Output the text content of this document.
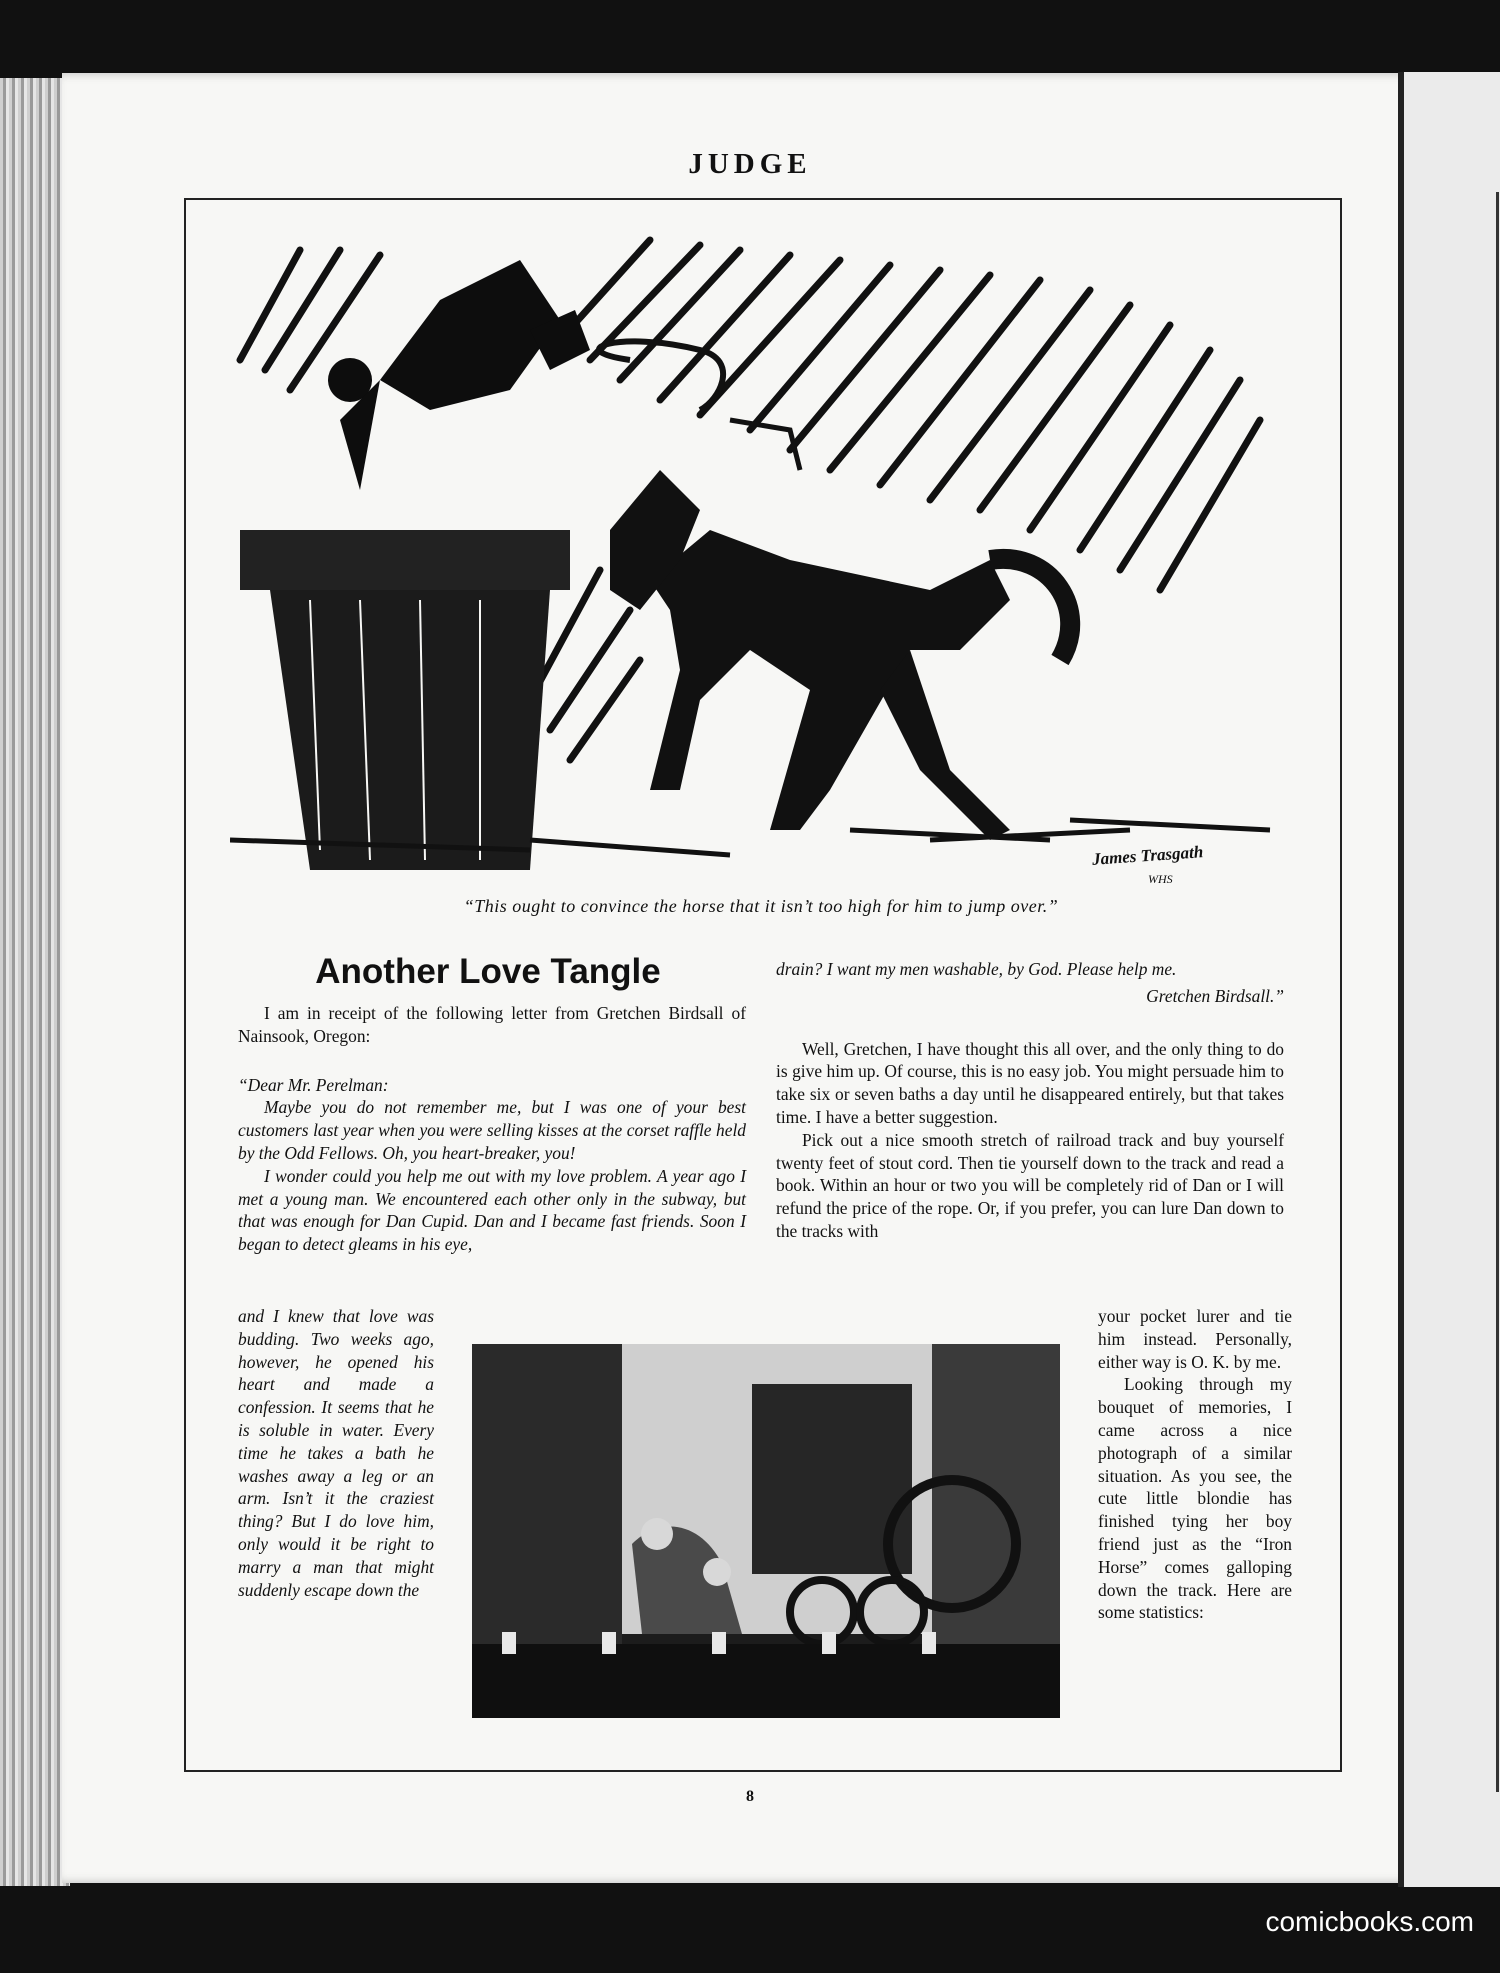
JUDGE
James Trasgath
WHS
“This ought to convince the horse that it isn’t too high for him to jump over.”
Another Love Tangle

I am in receipt of the following letter from Gretchen Birdsall of Nainsook, Oregon:

“Dear Mr. Perelman:

Maybe you do not remember me, but I was one of your best customers last year when you were selling kisses at the corset raffle held by the Odd Fellows. Oh, you heart-breaker, you!

I wonder could you help me out with my love problem. A year ago I met a young man. We encountered each other only in the subway, but that was enough for Dan Cupid. Dan and I became fast friends. Soon I began to detect gleams in his eye,

and I knew that love was budding. Two weeks ago, however, he opened his heart and made a confession. It seems that he is soluble in water. Every time he takes a bath he washes away a leg or an arm. Isn’t it the craziest thing? But I do love him, only would it be right to marry a man that might suddenly escape down the

drain? I want my men washable, by God. Please help me.

Gretchen Birdsall.”

Well, Gretchen, I have thought this all over, and the only thing to do is give him up. Of course, this is no easy job. You might persuade him to take six or seven baths a day until he disappeared entirely, but that takes time. I have a better suggestion.

Pick out a nice smooth stretch of railroad track and buy yourself twenty feet of stout cord. Then tie yourself down to the track and read a book. Within an hour or two you will be completely rid of Dan or I will refund the price of the rope. Or, if you prefer, you can lure Dan down to the tracks with

your pocket lurer and tie him instead. Personally, either way is O. K. by me.

Looking through my bouquet of memories, I came across a nice photograph of a similar situation. As you see, the cute little blondie has finished tying her boy friend just as the “Iron Horse” comes galloping down the track. Here are some statistics:

8
comicbooks.com
